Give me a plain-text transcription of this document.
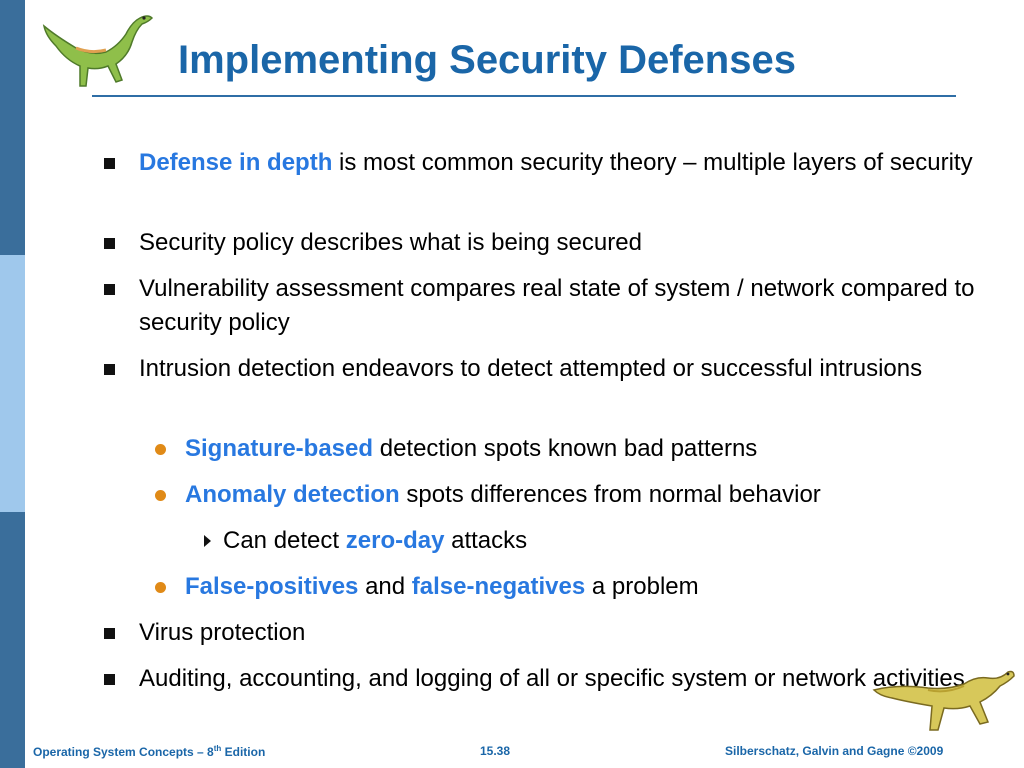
Implementing Security Defenses
Defense in depth is most common security theory – multiple layers of security
Security policy describes what is being secured
Vulnerability assessment compares real state of system / network compared to security policy
Intrusion detection endeavors to detect attempted or successful intrusions
Signature-based detection spots known bad patterns
Anomaly detection spots differences from normal behavior
Can detect zero-day attacks
False-positives and false-negatives a problem
Virus protection
Auditing, accounting, and logging of all or specific system or network activities
Operating System Concepts – 8th Edition	15.38	Silberschatz, Galvin and Gagne ©2009
